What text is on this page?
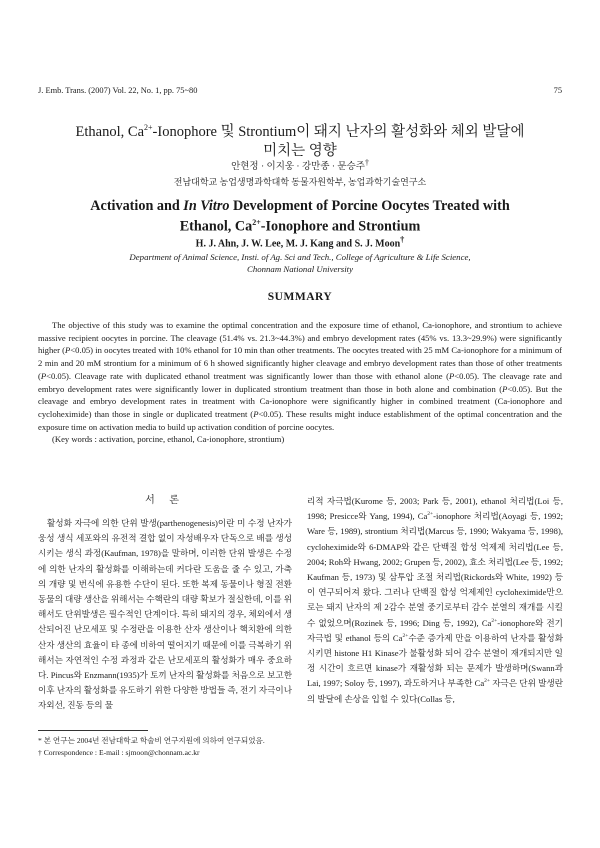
J. Emb. Trans. (2007) Vol. 22, No. 1, pp. 75~80	75
Ethanol, $Ca^{2+}$-Ionophore 및 Strontium이 돼지 난자의 활성화와 체외 발달에
미치는 영향
안현정 · 이지웅 · 강만종 · 문승주†
전남대학교 농업생명과학대학 동물자원학부, 농업과학기술연구소
Activation and In Vitro Development of Porcine Oocytes Treated with
Ethanol, $Ca^{2+}$-Ionophore and Strontium
H. J. Ahn, J. W. Lee, M. J. Kang and S. J. Moon†
Department of Animal Science, Insti. of Ag. Sci and Tech., College of Agriculture & Life Science,
Chonnam National University
SUMMARY

The objective of this study was to examine the optimal concentration and the exposure time of ethanol, Ca-ionophore, and strontium to achieve massive recipient oocytes in porcine. The cleavage (51.4% vs. 21.3~44.3%) and embryo development rates (45% vs. 13.3~29.9%) were significantly higher (P<0.05) in oocytes treated with 10% ethanol for 10 min than other treatments. The oocytes treated with 25 mM Ca-ionophore for a minimum of 2 min and 20 mM strontium for a minimum of 6 h showed significantly higher cleavage and embryo development rates than those of other treatments (P<0.05). Cleavage rate with duplicated ethanol treatment was significantly lower than those with ethanol alone (P<0.05). The cleavage rate and embryo development rates were significantly lower in duplicated strontium treatment than those in both alone and combination (P<0.05). But the cleavage and embryo development rates in treatment with Ca-ionophore were significantly higher in combined treatment (Ca-ionophore and cycloheximide) than those in single or duplicated treatment (P<0.05). These results might induce establishment of the optimal concentration and the exposure time on activation media to build up activation condition of porcine oocytes.

(Key words : activation, porcine, ethanol, Ca-ionophore, strontium)

서 론

활성화 자극에 의한 단위 발생(parthenogenesis)이란 미 수정 난자가 웅성 생식 세포와의 유전적 결합 없이 자성배우자 단독으로 배를 생성시키는 생식 과정(Kaufman, 1978)을 말하며, 이러한 단위 발생은 수정에 의한 난자의 활성화를 이해하는데 커다란 도움을 줄 수 있고, 가축의 개량 및 번식에 유용한 수단이 된다. 또한 복제 동물이나 형질 전환 동물의 대량 생산을 위해서는 수핵란의 대량 확보가 절실한데, 이를 위해서도 단위발생은 필수적인 단계이다. 특히 돼지의 경우, 체외에서 생산되어진 난모세포 및 수정란을 이용한 산자 생산이나 핵치환에 의한 산자 생산의 효율이 타 종에 비하여 떨어지기 때문에 이를 극복하기 위해서는 자연적인 수정 과정과 같은 난모세포의 활성화가 매우 중요하다. Pincus와 Enzmann(1935)가 토끼 난자의 활성화를 처음으로 보고한 이후 난자의 활성화를 유도하기 위한 다양한 방법들 즉, 전기 자극이나 자외선, 진동 등의 물

리적 자극법(Kurome 등, 2003; Park 등, 2001), ethanol 처리법(Loi 등, 1998; Presicce와 Yang, 1994), $Ca^{2+}$-ionophore 처리법(Aoyagi 등, 1992; Ware 등, 1989), strontium 처리법(Marcus 등, 1990; Wakyama 등, 1998), cycloheximide와 6-DMAP와 같은 단백질 합성 억제제 처리법(Lee 등, 2004; Roh와 Hwang, 2002; Grupen 등, 2002), 효소 처리법(Lee 등, 1992; Kaufman 등, 1973) 및 삼투압 조절 처리법(Rickords와 White, 1992) 등이 연구되어져 왔다. 그러나 단백질 합성 억제제인 cycloheximide만으로는 돼지 난자의 제 2감수 분열 중기로부터 감수 분열의 재개를 시킬 수 없었으며(Rozinek 등, 1996; Ding 등, 1992), $Ca^{2+}$-ionophore와 전기 자극법 및 ethanol 등의 $Ca^{2+}$수준 증가제 만을 이용하여 난자를 활성화 시키면 histone H1 Kinase가 불활성화 되어 감수 분열이 재개되지만 일정 시간이 흐르면 kinase가 재활성화 되는 문제가 발생하며(Swann과 Lai, 1997; Soloy 등, 1997), 과도하거나 부족한 $Ca^{2+}$ 자극은 단위 발생란의 발달에 손상을 입힐 수 있다(Collas 등,

* 본 연구는 2004년 전남대학교 학술비 연구지원에 의하여 연구되었음.
† Correspondence : E-mail : sjmoon@chonnam.ac.kr
